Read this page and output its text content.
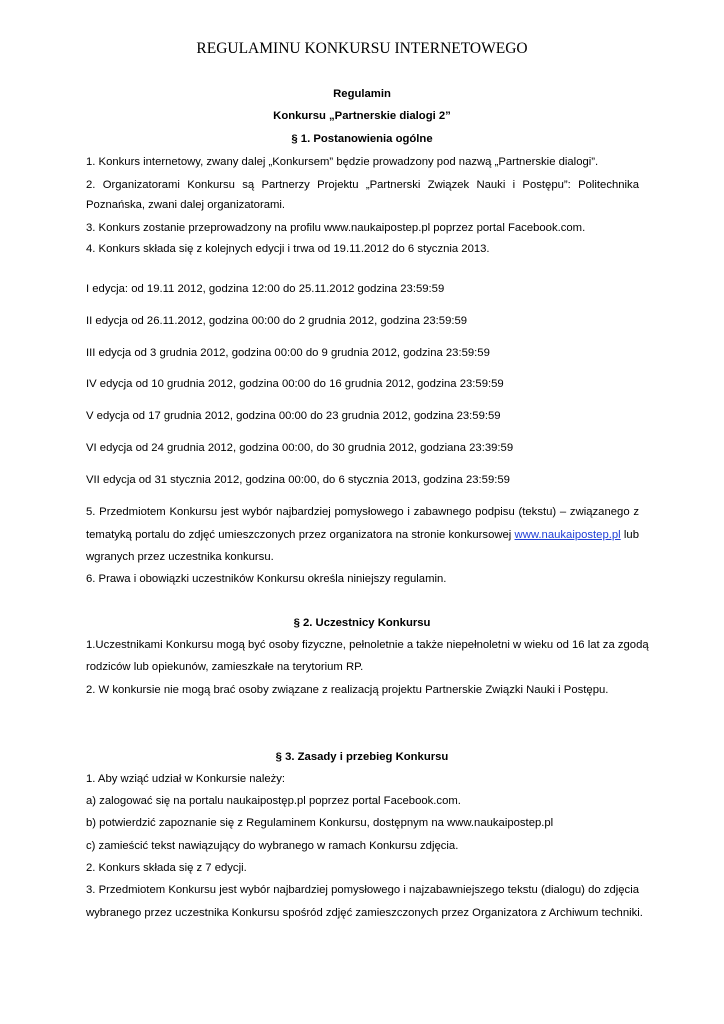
REGULAMINU KONKURSU INTERNETOWEGO
Regulamin
Konkursu „Partnerskie dialogi 2”
§ 1. Postanowienia ogólne
1. Konkurs internetowy, zwany dalej „Konkursem” będzie prowadzony pod nazwą „Partnerskie dialogi”.
2. Organizatorami Konkursu są Partnerzy Projektu „Partnerski Związek Nauki i Postępu”: Politechnika
Poznańska, zwani dalej organizatorami.
3. Konkurs zostanie przeprowadzony na profilu www.naukaipostep.pl poprzez portal Facebook.com.
4. Konkurs składa się z kolejnych edycji i trwa od 19.11.2012 do 6 stycznia 2013.
I edycja: od 19.11 2012, godzina 12:00 do 25.11.2012 godzina 23:59:59
II edycja od 26.11.2012, godzina 00:00 do 2 grudnia 2012, godzina 23:59:59
III edycja od 3 grudnia 2012, godzina 00:00 do 9 grudnia 2012, godzina 23:59:59
IV edycja od 10 grudnia 2012, godzina 00:00 do 16 grudnia 2012, godzina 23:59:59
V edycja od 17 grudnia 2012, godzina 00:00 do 23 grudnia 2012, godzina 23:59:59
VI edycja od 24 grudnia 2012, godzina 00:00, do 30 grudnia 2012, godziana 23:39:59
VII edycja od 31 stycznia 2012, godzina 00:00, do 6 stycznia 2013, godzina 23:59:59
5. Przedmiotem Konkursu jest wybór najbardziej pomysłowego i zabawnego podpisu (tekstu) – związanego z
tematyką portalu do zdjęć umieszczonych przez organizatora na stronie konkursowej www.naukaipostep.pl lub
wgranych przez uczestnika konkursu.
6. Prawa i obowiązki uczestników Konkursu określa niniejszy regulamin.
§ 2. Uczestnicy Konkursu
1.Uczestnikami Konkursu mogą być osoby fizyczne, pełnoletnie a także niepełnoletni w wieku od 16 lat za zgodą
rodziców lub opiekunów, zamieszkałe na terytorium RP.
2. W konkursie nie mogą brać osoby związane z realizacją projektu Partnerskie Związki Nauki i Postępu.
§ 3. Zasady i przebieg Konkursu
1. Aby wziąć udział w Konkursie należy:
a) zalogować się na portalu naukaipostęp.pl poprzez portal Facebook.com.
b) potwierdzić zapoznanie się z Regulaminem Konkursu, dostępnym na www.naukaipostep.pl
c) zamieścić tekst nawiązujący do wybranego w ramach Konkursu zdjęcia.
2. Konkurs składa się z 7 edycji.
3. Przedmiotem Konkursu jest wybór najbardziej pomysłowego i najzabawniejszego tekstu (dialogu) do zdjęcia
wybranego przez uczestnika Konkursu spośród zdjęć zamieszczonych przez Organizatora z Archiwum techniki.
